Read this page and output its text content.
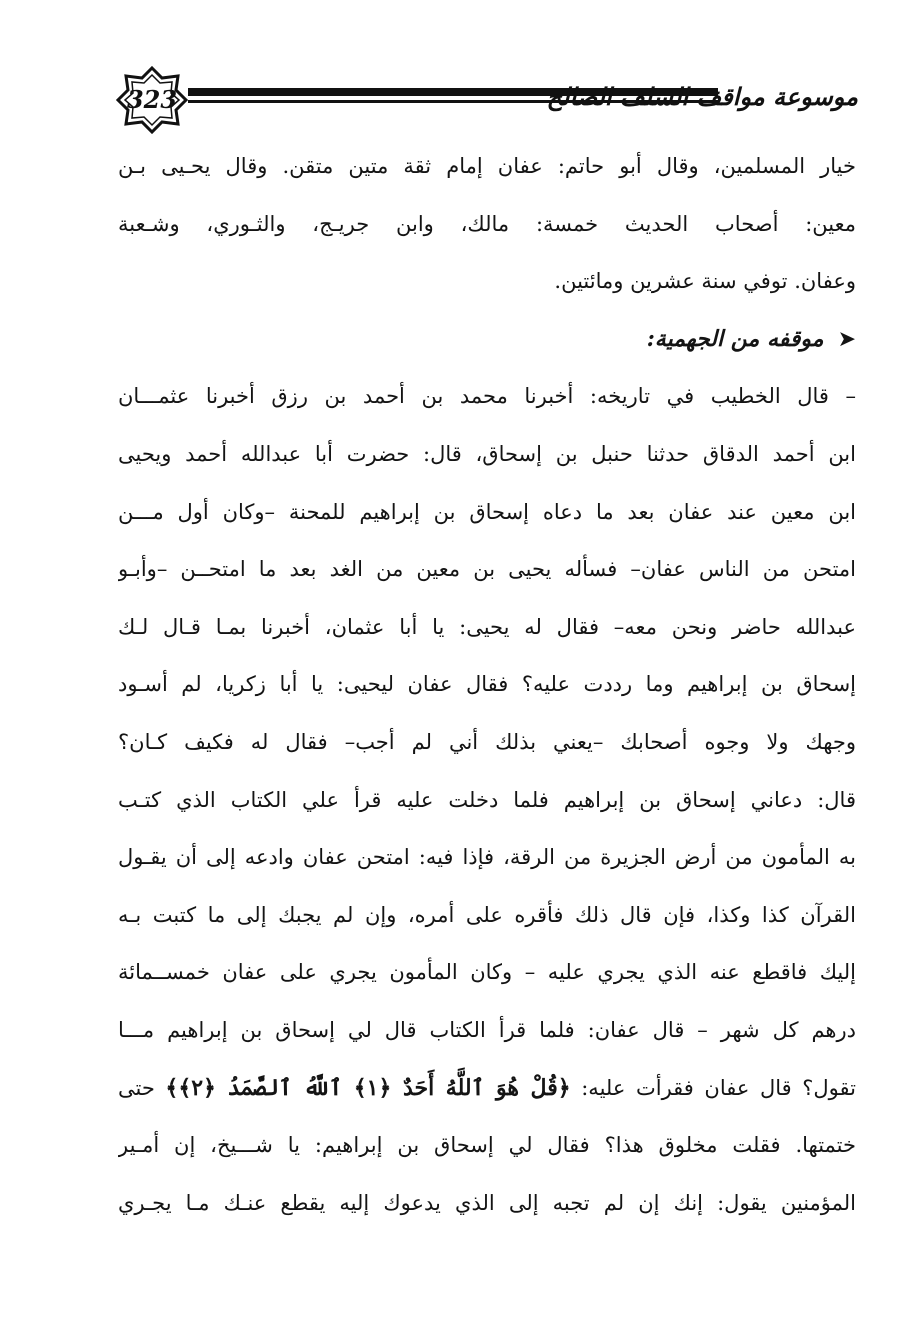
323	موسوعة مواقف السلف الصالح
خيار المسلمين، وقال أبو حاتم: عفان إمام ثقة متين متقن. وقال يحـيى بـن
معين: أصحاب الحديث خمسة: مالك، وابن جريـج، والثـوري، وشـعبة
وعفان. توفي سنة عشرين ومائتين.
➤موقفه من الجهمية:
– قال الخطيب في تاريخه: أخبرنا محمد بن أحمد بن رزق أخبرنا عثمـــان
ابن أحمد الدقاق حدثنا حنبل بن إسحاق، قال: حضرت أبا عبدالله أحمد ويحيى
ابن معين عند عفان بعد ما دعاه إسحاق بن إبراهيم للمحنة –وكان أول مـــن
امتحن من الناس عفان– فسأله يحيى بن معين من الغد بعد ما امتحــن –وأبـو
عبدالله حاضر ونحن معه– فقال له يحيى: يا أبا عثمان، أخبرنا بمـا قـال لـك
إسحاق بن إبراهيم وما رددت عليه؟ فقال عفان ليحيى: يا أبا زكريا، لم أسـود
وجهك ولا وجوه أصحابك –يعني بذلك أني لم أجب– فقال له فكيف كـان؟
قال: دعاني إسحاق بن إبراهيم فلما دخلت عليه قرأ علي الكتاب الذي كتـب
به المأمون من أرض الجزيرة من الرقة، فإذا فيه: امتحن عفان وادعه إلى أن يقـول
القرآن كذا وكذا، فإن قال ذلك فأقره على أمره، وإن لم يجبك إلى ما كتبت بـه
إليك فاقطع عنه الذي يجري عليه – وكان المأمون يجري على عفان خمســمائة
درهم كل شهر – قال عفان: فلما قرأ الكتاب قال لي إسحاق بن إبراهيم مـــا
تقول؟ قال عفان فقرأت عليه: ﴿قُلْ هُوَ ٱللَّهُ أَحَدٌ ﴿١﴾ ٱللَّهُ ٱلصَّمَدُ ﴿٢﴾﴾ حتى
ختمتها. فقلت مخلوق هذا؟ فقال لي إسحاق بن إبراهيم: يا شـــيخ، إن أمـير
المؤمنين يقول: إنك إن لم تجبه إلى الذي يدعوك إليه يقطع عنـك مـا يجـري
